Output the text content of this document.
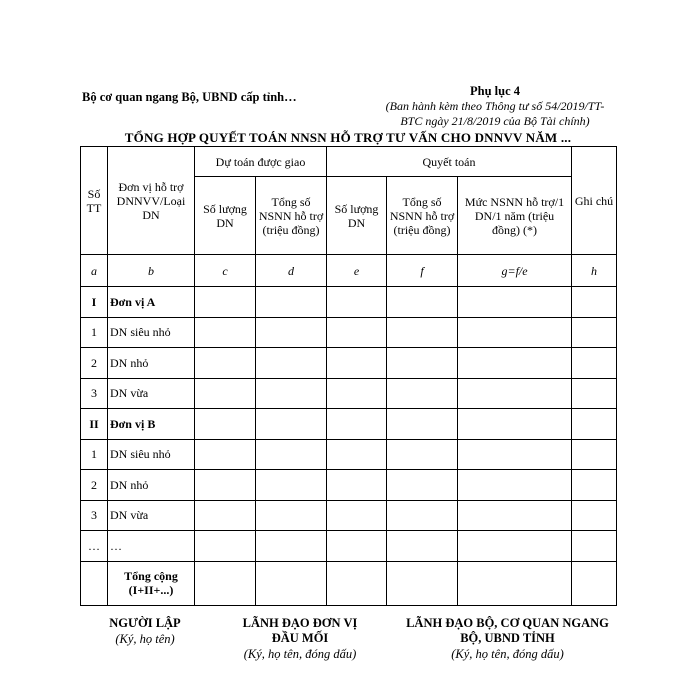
Bộ cơ quan ngang Bộ, UBND cấp tỉnh…	Phụ lục 4
(Ban hành kèm theo Thông tư số 54/2019/TT-
BTC ngày 21/8/2019 của Bộ Tài chính)
TỔNG HỢP QUYẾT TOÁN NNSN HỖ TRỢ TƯ VẤN CHO DNNVV NĂM ...
Số TT	Đơn vị hỗ trợ DNNVV/Loại DN	Dự toán được giao		Quyết toán			Ghi chú
		Số lượng DN	Tổng số NSNN hỗ trợ (triệu đồng)	Số lượng DN	Tổng số NSNN hỗ trợ (triệu đồng)	Mức NSNN hỗ trợ/1 DN/1 năm (triệu đồng) (*)	
a	b	c	d	e	f	g=f/e	h
I	Đơn vị A						
1	DN siêu nhỏ						
2	DN nhỏ						
3	DN vừa						
II	Đơn vị B						
1	DN siêu nhỏ						
2	DN nhỏ						
3	DN vừa						
…	…						

	Tổng cộng
(I+II+...)						

NGƯỜI LẬP
(Ký, họ tên)
LÃNH ĐẠO ĐƠN VỊ
ĐẦU MỐI
(Ký, họ tên, đóng dấu)
LÃNH ĐẠO BỘ, CƠ QUAN NGANG
BỘ, UBND TỈNH
(Ký, họ tên, đóng dấu)
